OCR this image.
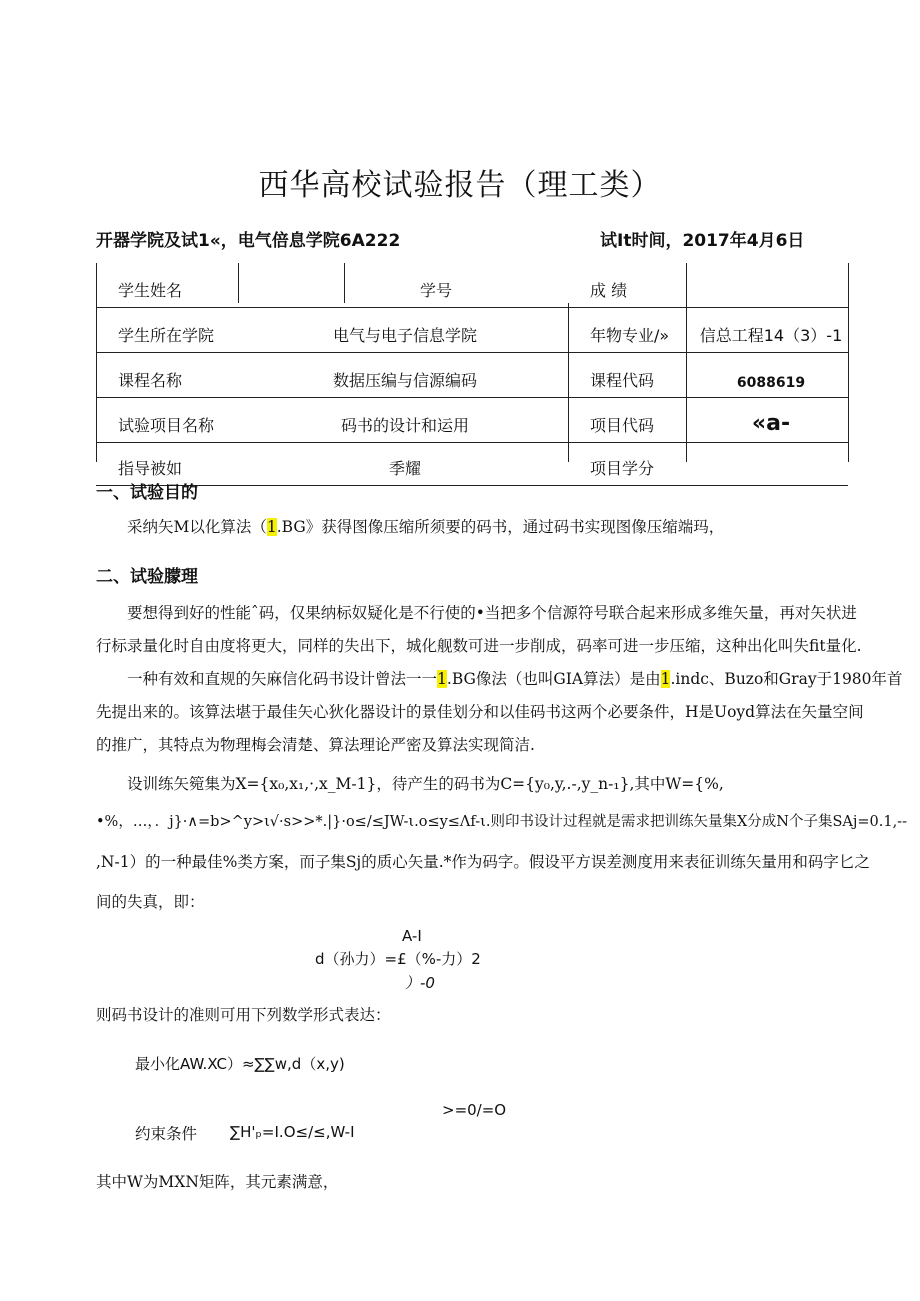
西华高校试验报告（理工类）
开器学院及试1«，电气倍息学院6A222	试It时间，2017年4月6日
学生姓名		学号		成 绩	
学生所在学院	电气与电子信息学院			年物专业/»	信总工程14（3）-1
课程名称	数据压编与信源编码			课程代码	6088619
试验项目名称	码书的设计和运用			项目代码	«a-
指导被如	季耀			项目学分	
一、试验目的
采纳矢M以化算法（1.BG》获得图像压缩所须要的码书，通过码书实现图像压缩端玛，
二、试验朦理
要想得到好的性能ˆ码，仅果纳标奴疑化是不行使的•当把多个信源符号联合起来形成多维矢量，再对矢状进
行标录量化时自由度将更大，同样的失出下，城化舰数可进一步削成，码率可进一步压缩，这种出化叫失fit量化.
一种有效和直规的矢麻信化码书设计曾法一一1.BG像法（也叫GIA算法）是由1.indc、Buzo和Gray于1980年首
先提出来的。该算法堪于最佳矢心狄化器设计的景佳划分和以佳码书这两个必要条件，H是Uoyd算法在矢量空间
的推广，其特点为物理梅会清楚、算法理论严密及算法实现简洁.
设训练矢箢集为X={x₀,x₁,·,x_M-1}，待产生的码书为C={y₀,y,.-,y_n-₁},其中W={%,
•%，…，．j}·∧=b>^y>ι√·s>>*.|}·o≤/≤JW-ι.o≤y≤Λf-ι.则印书设计过程就是需求把训练矢量集X分成N个子集SAj=0.1,--
,N-1）的一种最佳%类方案，而子集Sj的质心矢量.*作为码字。假设平方误差测度用来表征训练矢量用和码字匕之
间的失真，即：
A-I
d（孙力）=£（%-力）2
）-0
则码书设计的准则可用下列数学形式表达：
最小化AW.XC）≈∑∑w,d（x,y)
>=0/=O
约束条件 ∑H'ₚ=I.O≤/≤,W-I
其中W为MXN矩阵，其元素满意，
